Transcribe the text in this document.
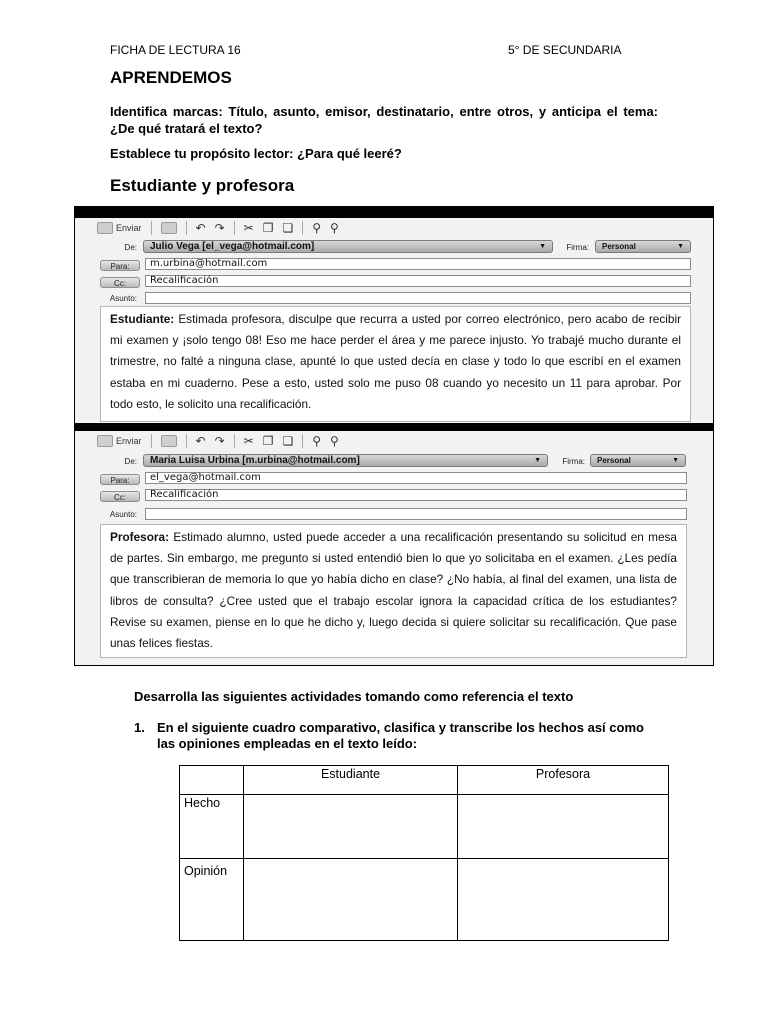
FICHA DE LECTURA 16	5° DE SECUNDARIA
APRENDEMOS
Identifica marcas: Título, asunto, emisor, destinatario, entre otros, y anticipa el tema: ¿De qué tratará el texto?
Establece tu propósito lector: ¿Para qué leeré?
Estudiante y profesora
Enviar	↶ ↷ ✂ ❐ ❏ ⚲ ⚲
De:	Julio Vega [el_vega@hotmail.com]	▼	Firma:	Personal	▼
Para:	m.urbina@hotmail.com
Cc:	Recalificación
Asunto:
Estudiante: Estimada profesora, disculpe que recurra a usted por correo electrónico, pero acabo de recibir mi examen y ¡solo tengo 08! Eso me hace perder el área y me parece injusto. Yo trabajé mucho durante el trimestre, no falté a ninguna clase, apunté lo que usted decía en clase y todo lo que escribí en el examen estaba en mi cuaderno. Pese a esto, usted solo me puso 08 cuando yo necesito un 11 para aprobar. Por todo esto, le solicito una recalificación.
Enviar	↶ ↷ ✂ ❐ ❏ ⚲ ⚲
De:	Maria Luisa Urbina [m.urbina@hotmail.com]	▼	Firma:	Personal	▼
Para:	el_vega@hotmail.com
Cc:	Recalificación
Asunto:
Profesora: Estimado alumno, usted puede acceder a una recalificación presentando su solicitud en mesa de partes. Sin embargo, me pregunto si usted entendió bien lo que yo solicitaba en el examen. ¿Les pedía que transcribieran de memoria lo que yo había dicho en clase? ¿No había, al final del examen, una lista de libros de consulta? ¿Cree usted que el trabajo escolar ignora la capacidad crítica de los estudiantes? Revise su examen, piense en lo que he dicho y, luego decida si quiere solicitar su recalificación. Que pase unas felices fiestas.
Desarrolla las siguientes actividades tomando como referencia el texto
1. En el siguiente cuadro comparativo, clasifica y transcribe los hechos así como las opiniones empleadas en el texto leído:
	Estudiante	Profesora
Hecho		
Opinión		
